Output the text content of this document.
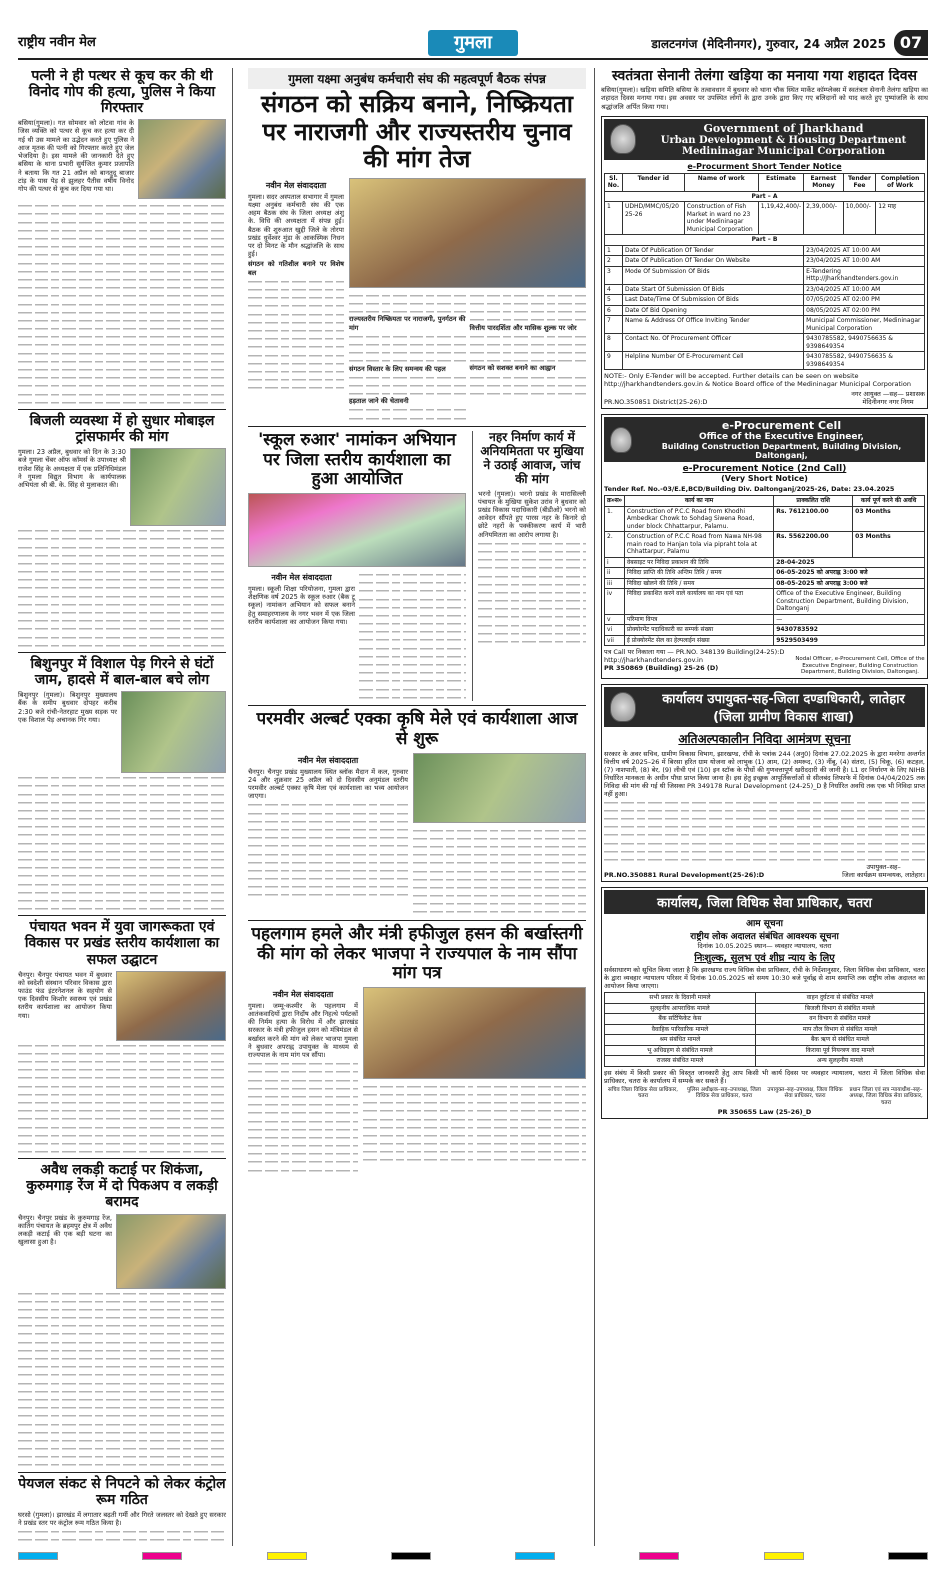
राष्ट्रीय नवीन मेल	गुमला	डालटनगंज (मेदिनीनगर), गुरुवार, 24 अप्रैल 2025 07
पत्नी ने ही पत्थर से कूच कर की थी विनोद गोप की हत्या, पुलिस ने किया गिरफ्तार
बसिया(गुमला)। गत सोमवार को लोटवा गांव के जिस व्यक्ति को पत्थर से कूच कर हत्या कर दी गई थी उस मामले का उद्भेदन करते हुए पुलिस ने आज मृतक की पत्नी को गिरफ्तार करते हुए जेल भेजदिया है। इस मामले की जानकारी देते हुए बसिया के थाना प्रभारी सुर्यजित कुमार प्रजापति ने बताया कि गत 21 अप्रैल को बानतुदू बाजार टांड़ के पास पेड़ से झुलहर पैतीस वर्षीय विनोद गोप की पत्थर से कूच कर दिया गया था।
बिजली व्यवस्था में हो सुधार मोबाइल ट्रांसफार्मर की मांग
गुमला। 23 अप्रैल, बुधवार को दिन के 3:30 बजे गुमला चेंबर ऑफ कॉमर्स के उपाध्यक्ष श्री राजेश सिंह के अध्यक्षता में एक प्रतिनिधिमंडल ने गुमला विद्युत विभाग के कार्यपालक अभियंता श्री बी. के. सिंह से मुलाकात की।
बिशुनपुर में विशाल पेड़ गिरने से घंटों जाम, हादसे में बाल-बाल बचे लोग
बिशुनपुर (गुमला)। बिशुनपुर मुख्यालय बैंक के समीप बुधवार दोपहर करीब 2:30 बजे रांची-नेतरहाट मुख्य सड़क पर एक विशाल पेड़ अचानक गिर गया।
पंचायत भवन में युवा जागरूकता एवं विकास पर प्रखंड स्तरीय कार्यशाला का सफल उद्घाटन
चैनपुर। चैनपुर पंचायत भवन में बुधवार को स्वदेशी संस्थान परिवार विकास द्वारा फाउंड फंड इंटरनेशनल के सहयोग से एक दिवसीय किशोर स्वास्थ्य एवं प्रखंड स्तरीय कार्यशाला का आयोजन किया गया।
अवैध लकड़ी कटाई पर शिकंजा, कुरुमगाड़ रेंज में दो पिकअप व लकड़ी बरामद
चैनपुर। चैनपुर प्रखंड के कुरुमगाड़ रेंज, कातिंग पंचायत के ब्रहमपुर क्षेत्र में अवैध लकड़ी कटाई की एक बड़ी घटना का खुलासा हुआ है।
पेयजल संकट से निपटने को लेकर कंट्रोल रूम गठित
घरसो (गुमला)। झारखंड में लगातार बढ़ती गर्मी और गिरते जलस्तर को देखते हुए सरकार ने प्रखंड स्तर पर कंट्रोल रूम गठित किया है।
गुमला यक्ष्मा अनुबंध कर्मचारी संघ की महत्वपूर्ण बैठक संपन्न
संगठन को सक्रिय बनाने, निष्क्रियता पर नाराजगी और राज्यस्तरीय चुनाव की मांग तेज
नवीन मेल संवाददाता
गुमला। सदर अस्पताल सभागार में गुमला यक्ष्मा अनुबंध कर्मचारी संघ की एक अहम बैठक संघ के जिला अध्यक्ष अंशु के. विधि की अध्यक्षता में संपन्न हुई। बैठक की शुरुआत खुद्दी जिले के तोरपा प्रखंड धुर्वेश्वर मुंडा के आकस्मिक निधन पर दो मिनट के मौन श्रद्धांजलि के साथ हुई।
संगठन को गतिशील बनाने पर विशेष बल
राज्यस्तरीय निष्क्रियता पर नाराजगी, पुनर्गठन की मांग
संगठन विस्तार के लिए समन्वय की पहल
हड़ताल जाने की चेतावनी
वित्तीय पारदर्शिता और मासिक शुल्क पर जोर
संगठन को सशक्त बनाने का आह्वान
'स्कूल रुआर' नामांकन अभियान पर जिला स्तरीय कार्यशाला का हुआ आयोजित
नवीन मेल संवाददाता
गुमला। स्कूली शिक्षा परियोजना, गुमला द्वारा शैक्षणिक वर्ष 2025 के स्कूल रुआर (बैक टू स्कूल) नामांकन अभियान को सफल बनाने हेतु समाहरणालय के नगर भवन में एक जिला स्तरीय कार्यशाला का आयोजन किया गया।
नहर निर्माण कार्य में अनियमितता पर मुखिया ने उठाई आवाज, जांच की मांग
भरनो (गुमला)। भरनो प्रखंड के मारासिल्ली पंचायत के मुखिया सुकेश उरांव ने बुधवार को प्रखंड विकास पदाधिकारी (बीडीओ) भरनो को आवेदन सौंपते हुए पारस नहर के किनारे दो छोटे नहरों के पक्कीकरण कार्य में भारी अनियमितता का आरोप लगाया है।
परमवीर अल्बर्ट एक्का कृषि मेले एवं कार्यशाला आज से शुरू
नवीन मेल संवाददाता
चैनपुर। चैनपुर प्रखंड मुख्यालय स्थित ब्लॉक मैदान में कल, गुरुवार 24 और शुक्रवार 25 अप्रैल को दो दिवसीय अनुमंडल स्तरीय परमवीर अल्बर्ट एक्का कृषि मेला एवं कार्यशाला का भव्य आयोजन जाएगा।
पहलगाम हमले और मंत्री हफीजुल हसन की बर्खास्तगी की मांग को लेकर भाजपा ने राज्यपाल के नाम सौंपा मांग पत्र
नवीन मेल संवाददाता
गुमला। जम्मू-कश्मीर के पहलगाम में आतंकवादियों द्वारा निर्दोष और निहत्थे पर्यटकों की निर्मम हत्या के विरोध में और झारखंड सरकार के मंत्री हफीजुल हसन को मंत्रिमंडल से बर्खास्त करने की मांग को लेकर भाजपा गुमला ने बुधवार अपराह्न उपायुक्त के माध्यम से राज्यपाल के नाम मांग पत्र सौंपा।
स्वतंत्रता सेनानी तेलंगा खड़िया का मनाया गया शहादत दिवस
बसिया(गुमला)। खड़िया समिति बसिया के तत्वावधान में बुधवार को थाना चौक स्थित मार्केट कॉम्प्लेक्स में स्वतंत्रता सेनानी तेलंगा खड़िया का शहादत दिवस मनाया गया। इस अवसर पर उपस्थित लोगों के द्वारा उनके द्वारा किए गए बलिदानों को याद करते हुए पुष्पांजलि के साथ श्रद्धांजलि अर्पित किया गया।
Government of Jharkhand
Urban Development & Housing Department
Medininagar Municipal Corporation
e-Procurment Short Tender Notice
Sl. No.	Tender id	Name of work	Estimate	Earnest Money	Tender Fee	Completion of Work
Part – A						
1	UDHD/MMC/05/20 25-26	Construction of Fish Market in ward no 23 under Medininagar Municipal Corporation	1,19,42,400/-	2,39,000/-	10,000/-	12 माह
Part – B						
1	Date Of Publication Of Tender			23/04/2025 AT 10:00 AM		
2	Date Of Publication Of Tender On Website			23/04/2025 AT 10:00 AM		
3	Mode Of Submission Of Bids			E-Tendering Http://Jharkhandtenders.gov.in		
4	Date Start Of Submission Of Bids			23/04/2025 AT 10:00 AM		
5	Last Date/Time Of Submission Of Bids			07/05/2025 AT 02:00 PM		
6	Date Of Bid Opening			08/05/2025 AT 02:00 PM		
7	Name & Address Of Office Inviting Tender			Municipal Commissioner, Medininagar Municipal Corporation		
8	Contact No. Of Procurement Officer			9430785582, 9490756635 & 9398649354		
9	Helpline Number Of E-Procurement Cell			9430785582, 9490756635 & 9398649354		
NOTE:- Only E-Tender will be accepted. Further details can be seen on website http://jharkhandtenders.gov.in & Notice Board office of the Medininagar Municipal Corporation
PR.NO.350851 District(25-26):D
नगर आयुक्त —सह— प्रशासक
मेदिनीनगर नगर निगम
e-Procurement Cell
Office of the Executive Engineer,
Building Construction Department, Building Division, Daltonganj,
e-Procurement Notice (2nd Call)
(Very Short Notice)
Tender Ref. No.-03/E.E,BCD/Building Div. Daltonganj/2025-26, Date: 23.04.2025
क्र०स०	कार्य का नाम	प्राक्कलित राशि	कार्य पूर्ण करने की अवधि
1.	Construction of P.C.C Road from Khodhi Ambedkar Chowk to Sohdag Siwena Road, under block Chhattarpur, Palamu.	Rs. 7612100.00	03 Months
2.	Construction of P.C.C Road from Nawa NH-98 main road to Hanjan tola via pipraht tola at Chhattarpur, Palamu	Rs. 5562200.00	03 Months
i	वेबसाइट पर निविदा प्रकाशन की तिथि	28-04-2025	
ii	निविदा प्राप्ति की तिथि अन्तिम तिथि / समय	06-05-2025 को अपराह्न 3:00 बजे	
iii	निविदा खोलने की तिथि / समय	08-05-2025 को अपराह्न 3:00 बजे	
iv	निविदा प्रकाशित करने वाले कार्यालय का नाम एवं पता	Office of the Executive Engineer, Building Construction Department, Building Division, Daltonganj	
v	परिमाण विपत्र	—	
vi	प्रोक्योरमेंट पदाधिकारी का सम्पर्क संख्या	9430783592	
vii	ई प्रोक्योरमेंट सेल का हेल्पलाईन संख्या	9529503499	
पत्र Call पर निकाला गया — PR.NO. 348139 Building(24-25):D
http://jharkhandtenders.gov.in
PR 350869 (Building) 25-26 (D)
Nodal Officer, e-Procurement Cell, Office of the Executive Engineer, Building Construction Department, Building Division, Daltonganj.
कार्यालय उपायुक्त-सह-जिला दण्डाधिकारी, लातेहार
(जिला ग्रामीण विकास शाखा)
अतिअल्पकालीन निविदा आमंत्रण सूचना
सरकार के अवर सचिव, ग्रामीण विकास विभाग, झारखण्ड, राँची के पत्रांक 244 (अनु0) दिनांक 27.02.2025 के द्वारा मनरेगा अन्तर्गत वित्तीय वर्ष 2025–26 में बिरसा हरित ग्राम योजना को लाभुक (1) आम, (2) अमरूद, (3) नींबू, (4) संतरा, (5) चिकू, (6) कटहल, (7) नाशपाती, (8) बेर, (9) लीची एवं (10) इन स्टॉक के पौधों की गुणवत्तापूर्ण खरीददारी की जानी है। L1 दर निर्धारण के लिए NIHB निर्धारित मानकता के अधीन पौधा प्राप्त किया जाना है। इस हेतु इच्छुक आपूर्तिकर्त्ताओं से सीलबंद लिफाफे में दिनांक 04/04/2025 तक निविदा की मांग की गई थी जिसका PR 349178 Rural Development (24-25)_D है निर्धारित अवधि तक एक भी निविदा प्राप्त नहीं हुआ।
PR.NO.350881 Rural Development(25-26):D
उपायुक्त–सह–
जिला कार्यक्रम समन्वयक, लातेहार।
कार्यालय, जिला विधिक सेवा प्राधिकार, चतरा
आम सूचना
राष्ट्रीय लोक अदालत संबंधित आवश्यक सूचना
दिनांक 10.05.2025 स्थान— व्यवहार न्यायालय, चतरा
निःशुल्क, सुलभ एवं शीघ्र न्याय के लिए
सर्वसाधारण को सूचित किया जाता है कि झारखण्ड राज्य विधिक सेवा प्राधिकार, राँची के निर्देशानुसार, जिला विधिक सेवा प्राधिकार, चतरा के द्वारा व्यवहार न्यायालय परिसर में दिनांक 10.05.2025 को समय 10:30 बजे पूर्वाह्न से शाम समाप्ति तक राष्ट्रीय लोक अदालत का आयोजन किया जाएगा।
सभी प्रकार के दिवानी मामले	वाहन दुर्घटना से संबंधित मामले
सुलहनीय आपराधिक मामले	बिजली विभाग से संबंधित मामले
बैंक सर्टिफिकेट केस	वन विभाग से संबंधित मामले
वैवाहिक पारिवारिक मामले	माप तौल विभाग से संबंधित मामले
श्रम संबंधित मामले	बैंक ऋण से संबंधित मामले
भू अधिग्रहण से संबंधित मामले	किराया पूर्व नियन्त्रण वाद मामले
राजस्व संबंधित मामले	अन्य सुलहनीय मामले
इस संबंध में किसी प्रकार की विस्तृत जानकारी हेतु आप किसी भी कार्य दिवस पर व्यवहार न्यायालय, चतरा में जिला विधिक सेवा प्राधिकार, चतरा के कार्यालय में सम्पर्क कर सकते हैं।
सचिव जिला विधिक सेवा प्राधिकार, चतरा
पुलिस अधीक्षक–सह–उपाध्यक्ष, जिला विधिक सेवा प्राधिकार, चतरा
उपायुक्त–सह–उपाध्यक्ष, जिला विधिक सेवा प्राधिकार, चतरा
प्रधान जिला एवं सत्र न्यायाधीश–सह–अध्यक्ष, जिला विधिक सेवा प्राधिकार, चतरा
PR 350655 Law (25-26)_D
